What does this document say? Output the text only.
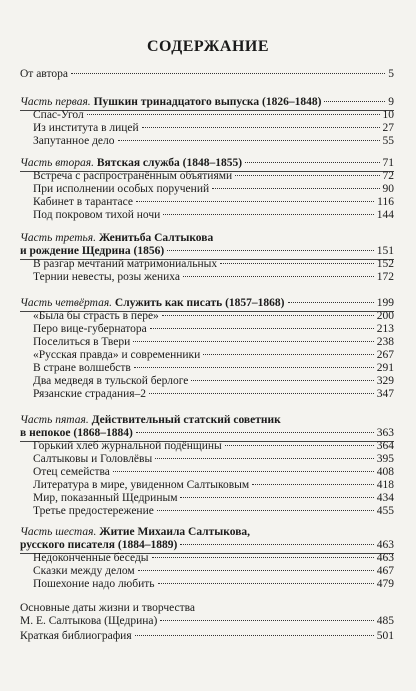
СОДЕРЖАНИЕ
От автора	5
Часть первая. Пушкин тринадцатого выпуска (1826–1848)	9
Спас-Угол	10
Из института в лицей	27
Запутанное дело	55
Часть вторая. Вятская служба (1848–1855)	71
Встреча с распространённым объятиями	72
При исполнении особых поручений	90
Кабинет в тарантасе	116
Под покровом тихой ночи	144
Часть третья. Женитьба Салтыкова
и рождение Щедрина (1856)	151
В разгар мечтаний матримониальных	152
Тернии невесты, розы жениха	172
Часть четвёртая. Служить как писать (1857–1868)	199
«Была бы страсть в пере»	200
Перо вице-губернатора	213
Поселиться в Твери	238
«Русская правда» и современники	267
В стране волшебств	291
Два медведя в тульской берлоге	329
Рязанские страдания–2	347
Часть пятая. Действительный статский советник
в непокое (1868–1884)	363
Горький хлеб журнальной подёнщины	364
Салтыковы и Головлёвы	395
Отец семейства	408
Литература в мире, увиденном Салтыковым	418
Мир, показанный Щедриным	434
Третье предостережение	455
Часть шестая. Житие Михаила Салтыкова,
русского писателя (1884–1889)	463
Недоконченные беседы	463
Сказки между делом	467
Пошехоние надо любить	479
Основные даты жизни и творчества
М. Е. Салтыкова (Щедрина)	485
Краткая библиография	501
